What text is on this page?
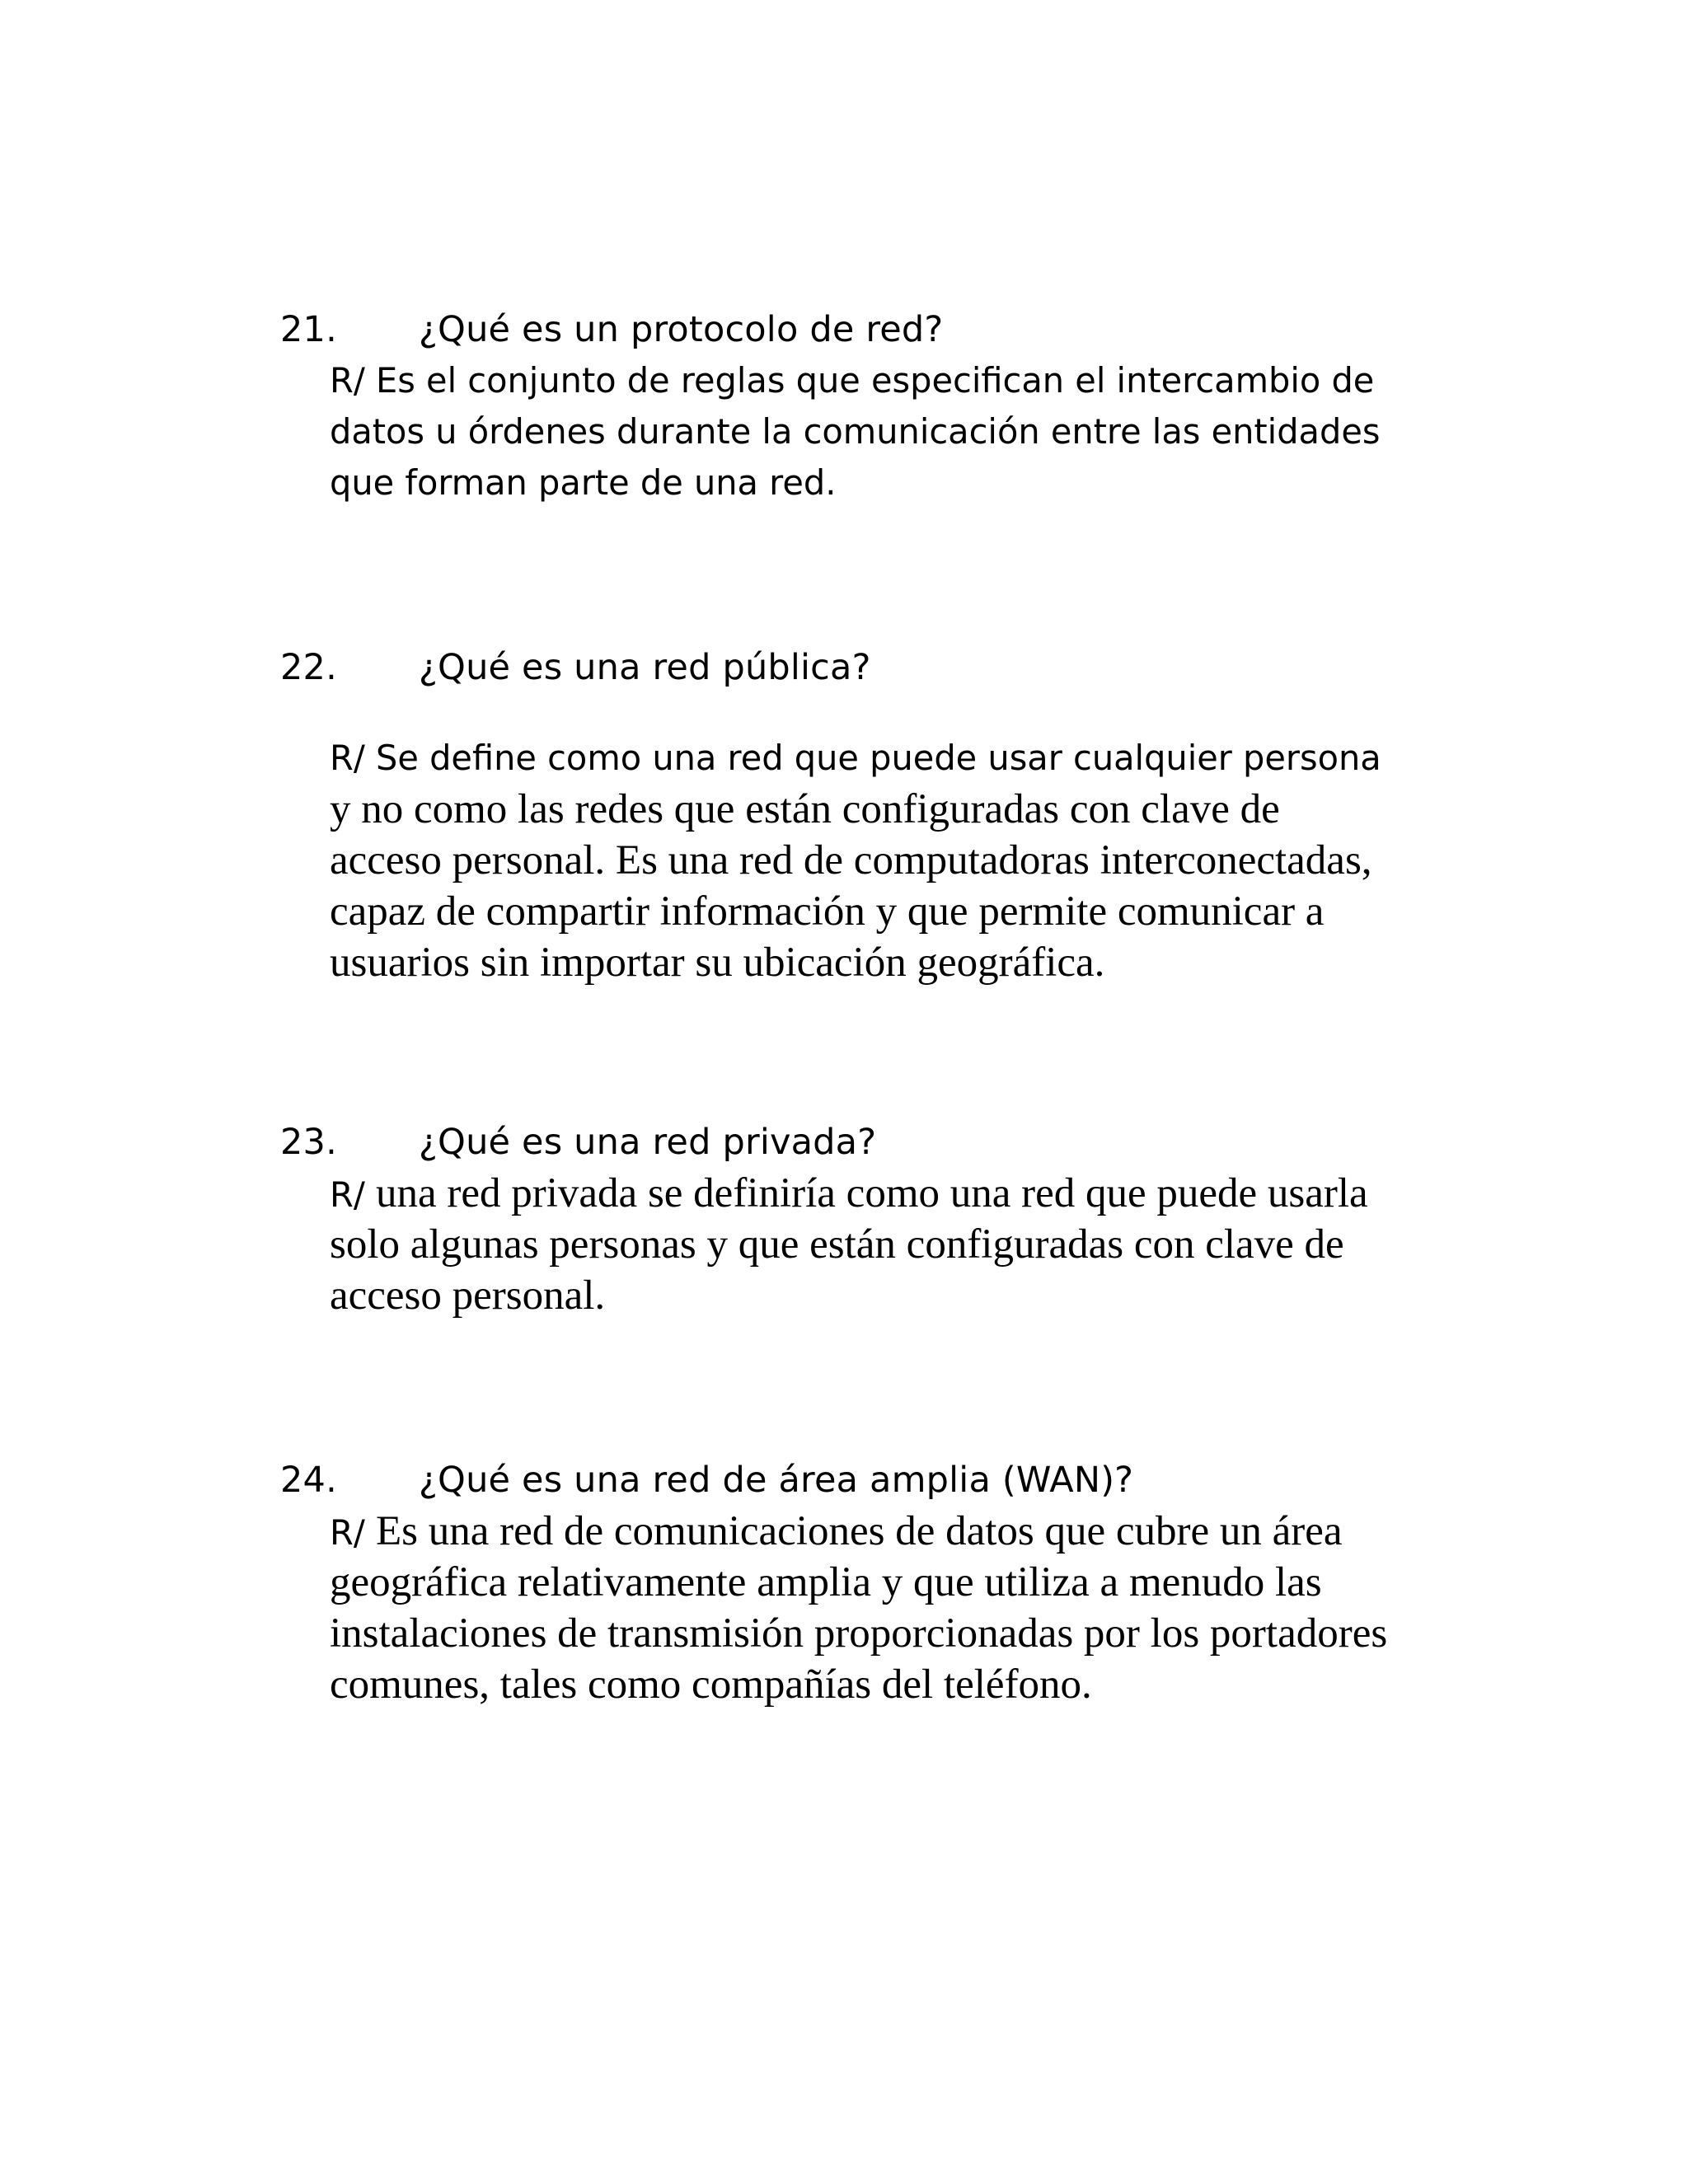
21. ¿Qué es un protocolo de red?
R/ Es el conjunto de reglas que especifican el intercambio de
datos u órdenes durante la comunicación entre las entidades
que forman parte de una red.
22. ¿Qué es una red pública?
R/ Se define como una red que puede usar cualquier persona
y no como las redes que están configuradas con clave de
acceso personal. Es una red de computadoras interconectadas,
capaz de compartir información y que permite comunicar a
usuarios sin importar su ubicación geográfica.
23. ¿Qué es una red privada?
R/ una red privada se definiría como una red que puede usarla
solo algunas personas y que están configuradas con clave de
acceso personal.
24. ¿Qué es una red de área amplia (WAN)?
R/ Es una red de comunicaciones de datos que cubre un área
geográfica relativamente amplia y que utiliza a menudo las
instalaciones de transmisión proporcionadas por los portadores
comunes, tales como compañías del teléfono.
